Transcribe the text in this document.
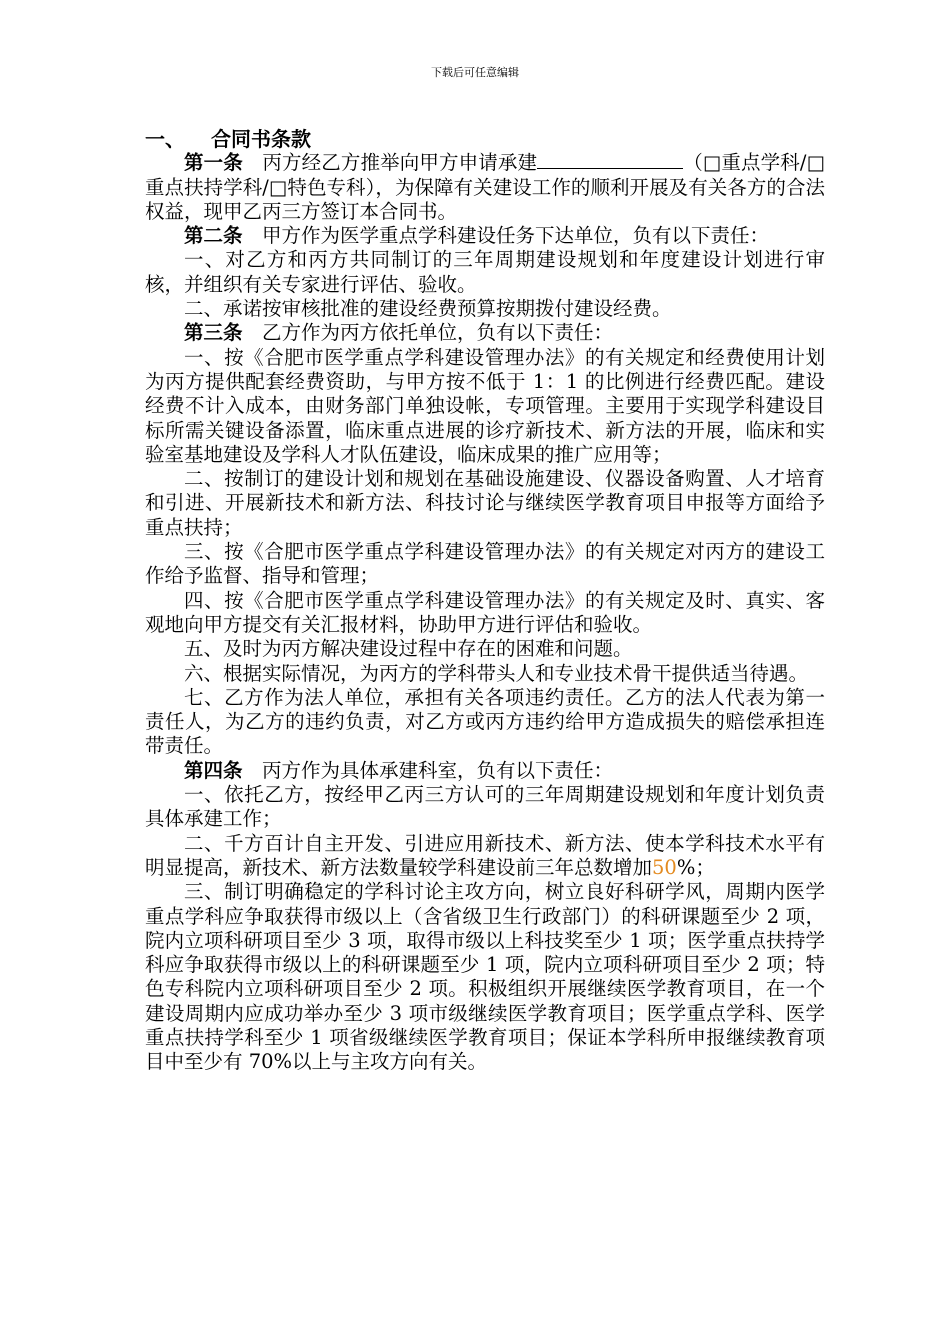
下载后可任意编辑
一、 合同书条款

第一条 丙方经乙方推举向甲方申请承建	（□重点学科/□重点扶持学科/□特色专科），为保障有关建设工作的顺利开展及有关各方的合法权益，现甲乙丙三方签订本合同书。

第二条 甲方作为医学重点学科建设任务下达单位，负有以下责任：

一、对乙方和丙方共同制订的三年周期建设规划和年度建设计划进行审核，并组织有关专家进行评估、验收。

二、承诺按审核批准的建设经费预算按期拨付建设经费。

第三条 乙方作为丙方依托单位，负有以下责任：

一、按《合肥市医学重点学科建设管理办法》的有关规定和经费使用计划为丙方提供配套经费资助，与甲方按不低于 1：1 的比例进行经费匹配。建设经费不计入成本，由财务部门单独设帐，专项管理。主要用于实现学科建设目标所需关键设备添置，临床重点进展的诊疗新技术、新方法的开展，临床和实验室基地建设及学科人才队伍建设，临床成果的推广应用等；

二、按制订的建设计划和规划在基础设施建设、仪器设备购置、人才培育和引进、开展新技术和新方法、科技讨论与继续医学教育项目申报等方面给予重点扶持；

三、按《合肥市医学重点学科建设管理办法》的有关规定对丙方的建设工作给予监督、指导和管理；

四、按《合肥市医学重点学科建设管理办法》的有关规定及时、真实、客观地向甲方提交有关汇报材料，协助甲方进行评估和验收。

五、及时为丙方解决建设过程中存在的困难和问题。

六、根据实际情况，为丙方的学科带头人和专业技术骨干提供适当待遇。

七、乙方作为法人单位，承担有关各项违约责任。乙方的法人代表为第一责任人，为乙方的违约负责，对乙方或丙方违约给甲方造成损失的赔偿承担连带责任。

第四条 丙方作为具体承建科室，负有以下责任：

一、依托乙方，按经甲乙丙三方认可的三年周期建设规划和年度计划负责具体承建工作；

二、千方百计自主开发、引进应用新技术、新方法、使本学科技术水平有明显提高，新技术、新方法数量较学科建设前三年总数增加50%；

三、制订明确稳定的学科讨论主攻方向，树立良好科研学风，周期内医学重点学科应争取获得市级以上（含省级卫生行政部门）的科研课题至少 2 项，院内立项科研项目至少 3 项，取得市级以上科技奖至少 1 项；医学重点扶持学科应争取获得市级以上的科研课题至少 1 项，院内立项科研项目至少 2 项；特色专科院内立项科研项目至少 2 项。积极组织开展继续医学教育项目，在一个建设周期内应成功举办至少 3 项市级继续医学教育项目；医学重点学科、医学重点扶持学科至少 1 项省级继续医学教育项目；保证本学科所申报继续教育项目中至少有 70%以上与主攻方向有关。
